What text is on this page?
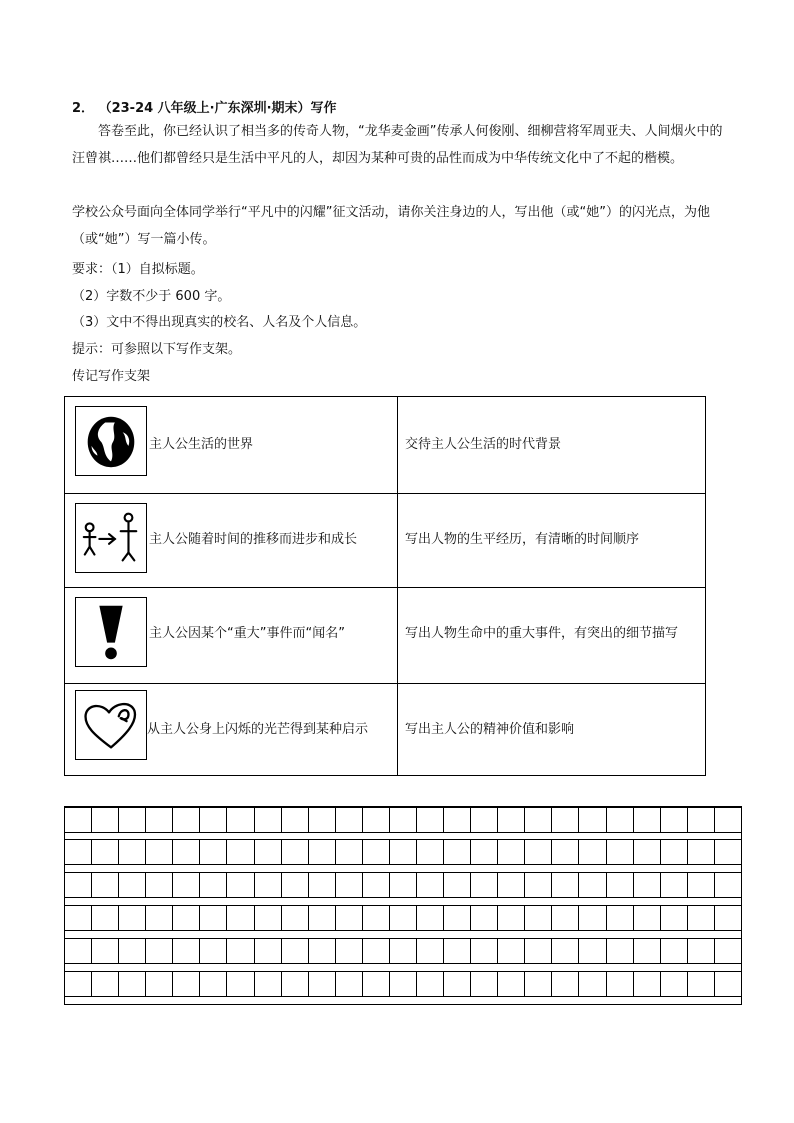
2． （23-24 八年级上·广东深圳·期末）写作

答卷至此，你已经认识了相当多的传奇人物，“龙华麦金画”传承人何俊刚、细柳营将军周亚夫、人间烟火中的汪曾祺……他们都曾经只是生活中平凡的人，却因为某种可贵的品性而成为中华传统文化中了不起的楷模。

学校公众号面向全体同学举行“平凡中的闪耀”征文活动，请你关注身边的人，写出他（或“她”）的闪光点，为他（或“她”）写一篇小传。

要求：（1）自拟标题。
（2）字数不少于 600 字。
（3）文中不得出现真实的校名、人名及个人信息。
提示：可参照以下写作支架。
传记写作支架
主人公生活的世界	交待主人公生活的时代背景
主人公随着时间的推移而进步和成长	写出人物的生平经历，有清晰的时间顺序
主人公因某个“重大”事件而“闻名”	写出人物生命中的重大事件，有突出的细节描写
从主人公身上闪烁的光芒得到某种启示	写出主人公的精神价值和影响
